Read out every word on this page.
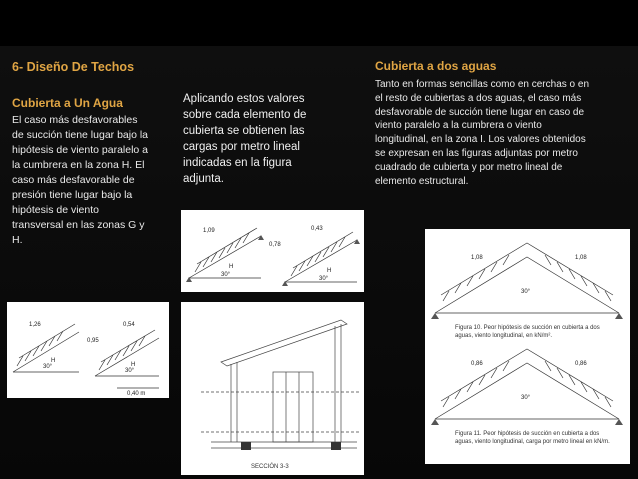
6- Diseño De Techos
Cubierta a Un Agua
El caso más desfavorables
de succión tiene lugar bajo la
hipótesis de viento paralelo a
la cumbrera en la zona H. El
caso más desfavorable de
presión tiene lugar bajo la
hipótesis de viento
transversal en las zonas G y
H.
Aplicando estos valores
sobre cada elemento de
cubierta se obtienen las
cargas por metro lineal
indicadas en la figura
adjunta.
Cubierta a dos aguas
Tanto en formas sencillas como en cerchas o en
el resto de cubiertas a dos aguas, el caso más
desfavorable de succión tiene lugar en caso de
viento paralelo a la cumbrera o viento
longitudinal, en la zona I. Los valores obtenidos
se expresan en las figuras adjuntas por metro
cuadrado de cubierta y por metro lineal de
elemento estructural.
1,09	0,43
0,78
30°
H
30°
H
1,26	0,54
0,95
30°
H
30°
H
0,40 m
SECCIÓN 3-3
1,08	1,08
30°
Figura 10. Peor hipótesis de succión en cubierta a dos
aguas, viento longitudinal, en kN/m².
0,86	0,86
30°
Figura 11. Peor hipótesis de succión en cubierta a dos
aguas, viento longitudinal, carga por metro lineal en kN/m.
